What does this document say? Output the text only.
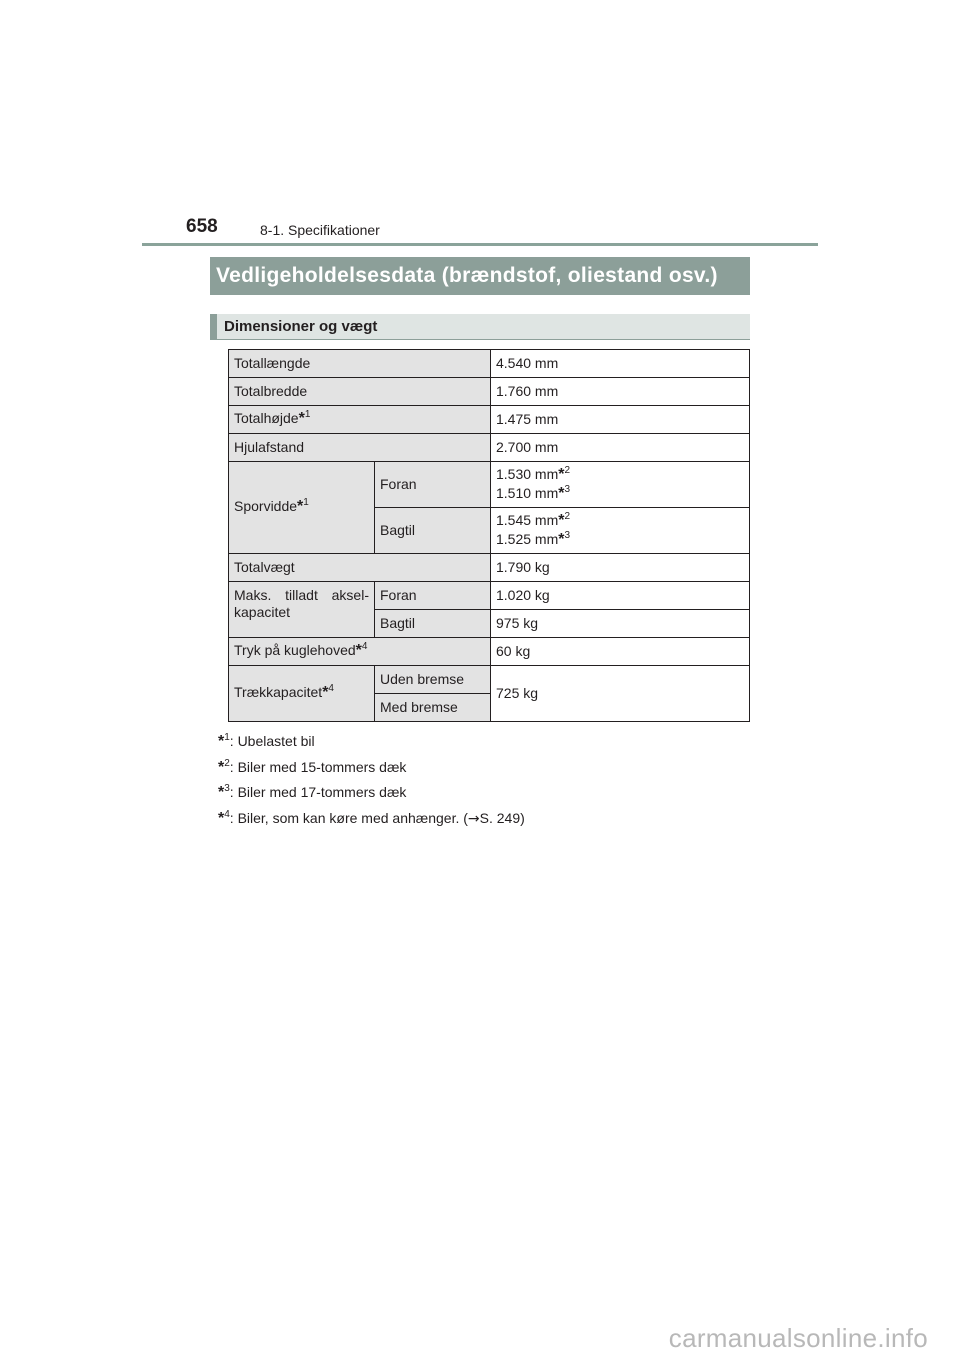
658	8-1. Specifikationer
Vedligeholdelsesdata (brændstof, oliestand osv.)
Dimensioner og vægt
Totallængde		4.540 mm
Totalbredde		1.760 mm
Totalhøjde*$^1$		1.475 mm
Hjulafstand		2.700 mm
Sporvidde*$^1$	Foran	1.530 mm*$^2$
1.510 mm*$^3$

	Bagtil	1.545 mm*$^2$
1.525 mm*$^3$

Totalvægt		1.790 kg
Maks. tilladt aksel-kapacitet	Foran	1.020 kg
	Bagtil	975 kg
Tryk på kuglehoved*$^4$		60 kg
Trækkapacitet*$^4$	Uden bremse	725 kg
	Med bremse	
*$^1$: Ubelastet bil
*$^2$: Biler med 15-tommers dæk
*$^3$: Biler med 17-tommers dæk
*$^4$: Biler, som kan køre med anhænger. (→S. 249)
carmanualsonline.info
